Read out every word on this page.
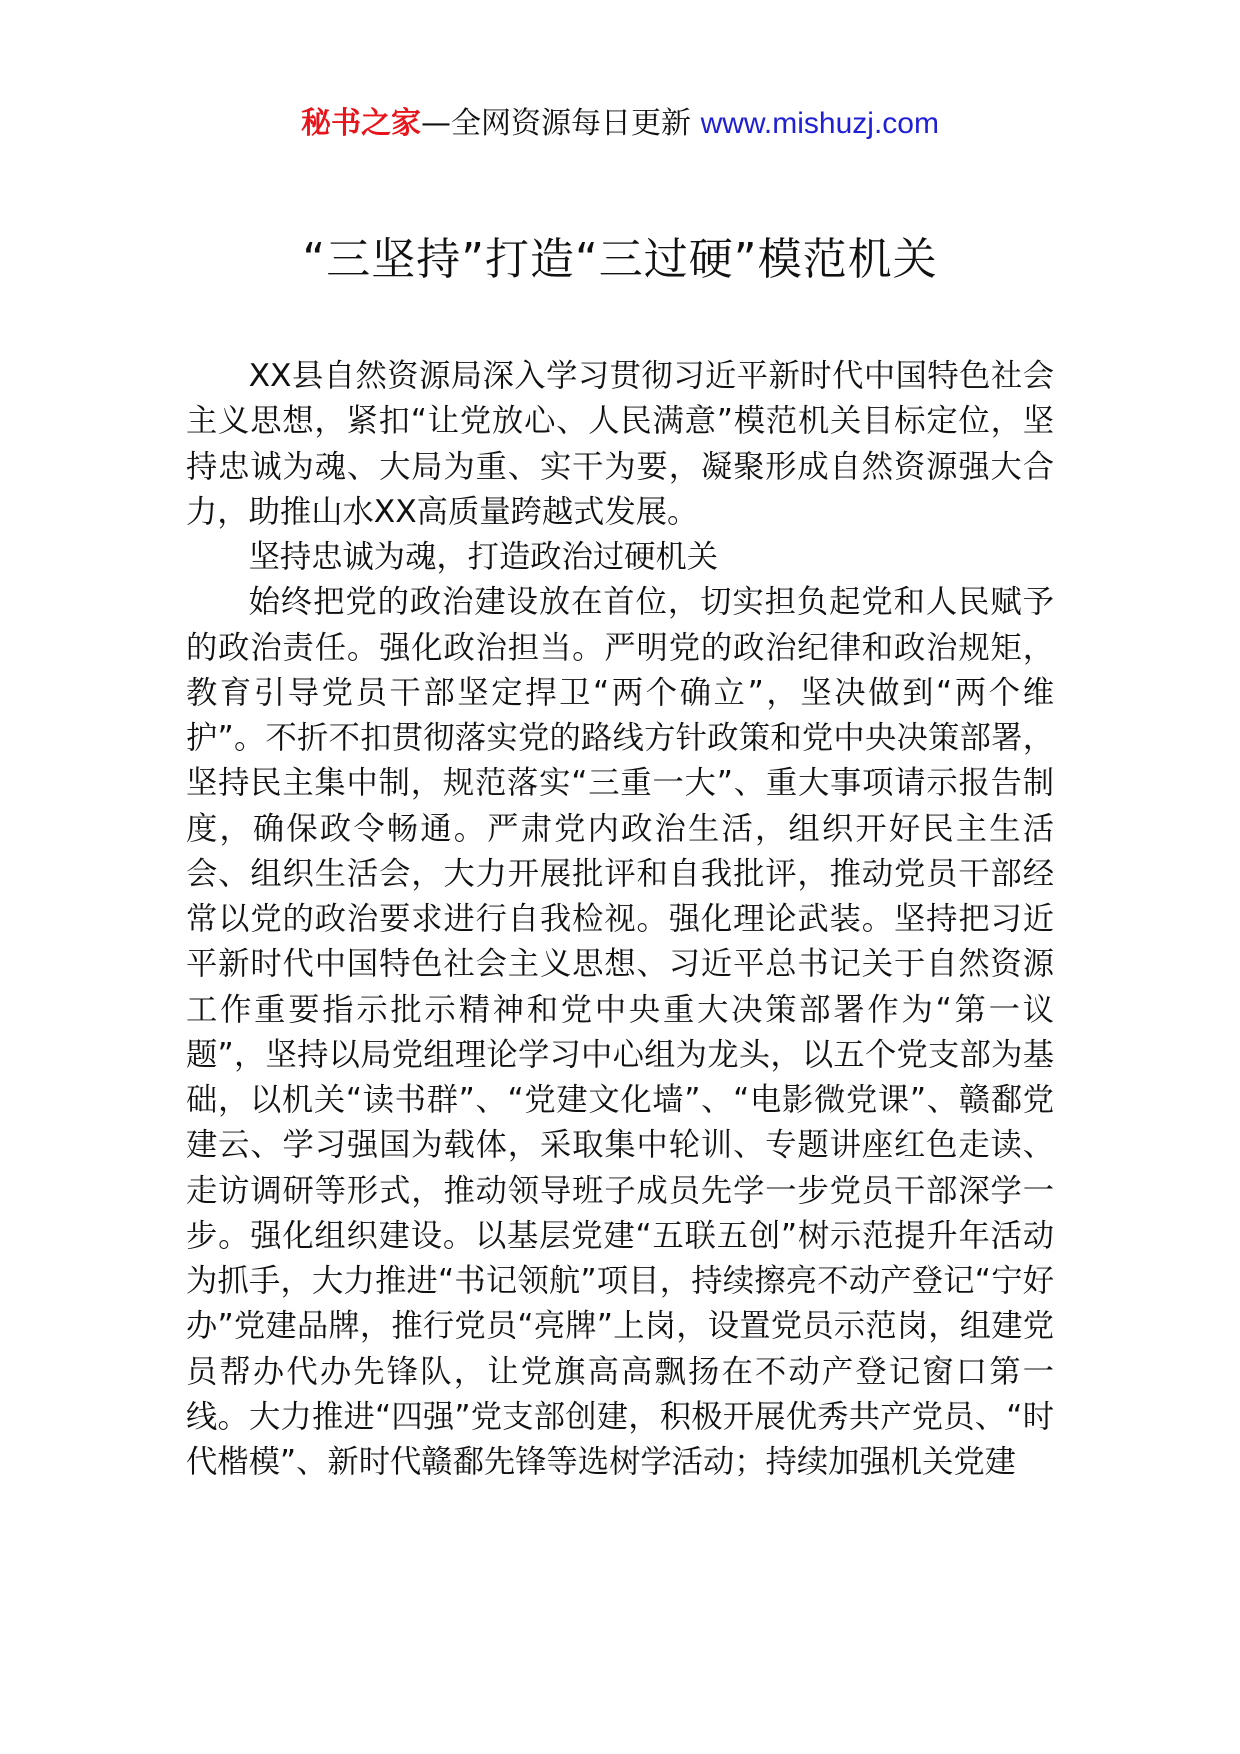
秘书之家—全网资源每日更新 www.mishuzj.com
“三坚持”打造“三过硬”模范机关

XX县自然资源局深入学习贯彻习近平新时代中国特色社会主义思想，紧扣“让党放心、人民满意”模范机关目标定位，坚持忠诚为魂、大局为重、实干为要，凝聚形成自然资源强大合力，助推山水XX高质量跨越式发展。

坚持忠诚为魂，打造政治过硬机关

始终把党的政治建设放在首位，切实担负起党和人民赋予的政治责任。强化政治担当。严明党的政治纪律和政治规矩，教育引导党员干部坚定捍卫“两个确立”，坚决做到“两个维护”。不折不扣贯彻落实党的路线方针政策和党中央决策部署，坚持民主集中制，规范落实“三重一大”、重大事项请示报告制度，确保政令畅通。严肃党内政治生活，组织开好民主生活会、组织生活会，大力开展批评和自我批评，推动党员干部经常以党的政治要求进行自我检视。强化理论武装。坚持把习近平新时代中国特色社会主义思想、习近平总书记关于自然资源工作重要指示批示精神和党中央重大决策部署作为“第一议题”，坚持以局党组理论学习中心组为龙头，以五个党支部为基础，以机关“读书群”、“党建文化墙”、“电影微党课”、赣鄱党建云、学习强国为载体，采取集中轮训、专题讲座红色走读、走访调研等形式，推动领导班子成员先学一步党员干部深学一步。强化组织建设。以基层党建“五联五创”树示范提升年活动为抓手，大力推进“书记领航”项目，持续擦亮不动产登记“宁好办”党建品牌，推行党员“亮牌”上岗，设置党员示范岗，组建党员帮办代办先锋队，让党旗高高飘扬在不动产登记窗口第一线。大力推进“四强”党支部创建，积极开展优秀共产党员、“时代楷模”、新时代赣鄱先锋等选树学活动；持续加强机关党建
